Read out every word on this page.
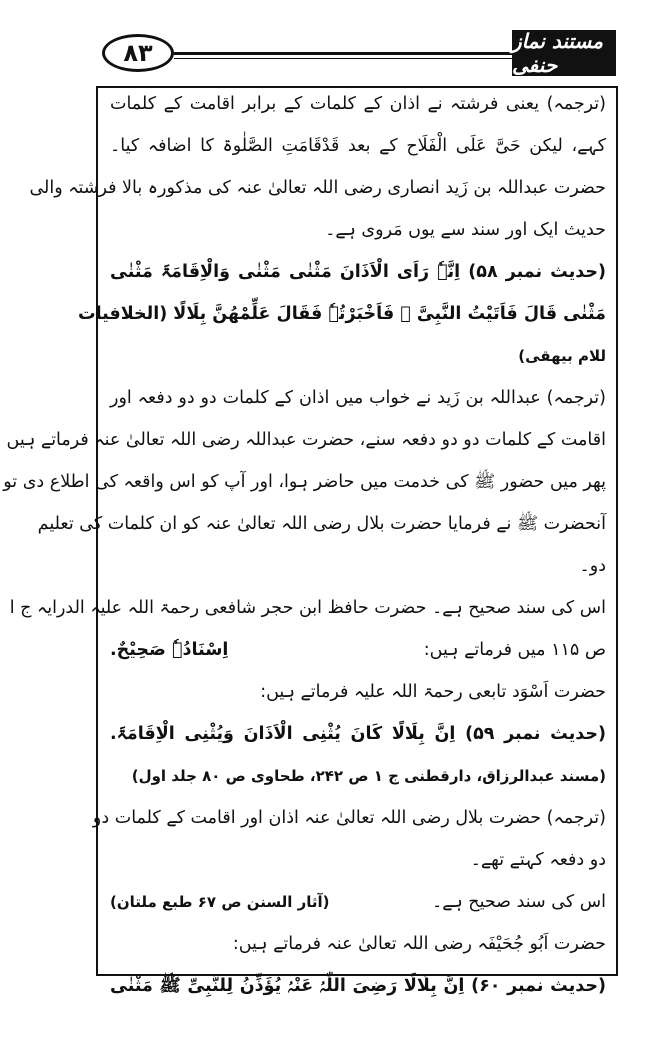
۸۳	مستند نماز حنفی

(ترجمہ) یعنی فرشتہ نے اذان کے کلمات کے برابر اقامت کے کلمات

کہے، لیکن حَیَّ عَلَى الْفَلَاح کے بعد قَدْقَامَتِ الصَّلٰوۃ کا اضافہ کیا۔

حضرت عبداللہ بن زَید انصاری رضی اللہ تعالیٰ عنہ کی مذکورہ بالا فرشتہ والی

حدیث ایک اور سند سے یوں مَروی ہے۔

(حدیث نمبر ۵۸) اِنَّہٗ رَاَی الْاَذَانَ مَثْنٰی مَثْنٰی وَالْاِقَامَۃَ مَثْنٰی

مَثْنٰی قَالَ فَاَتَیْتُ النَّبِیَّ ﷺ فَاَخْبَرْتُہٗ فَقَالَ عَلِّمْھُنَّ بِلَالًا (الخلافیات

للام بیھقی)

(ترجمہ) عبداللہ بن زَید نے خواب میں اذان کے کلمات دو دو دفعہ اور

اقامت کے کلمات دو دو دفعہ سنے، حضرت عبداللہ رضی اللہ تعالیٰ عنہ فرماتے ہیں

پھر میں حضور ﷺ کی خدمت میں حاضر ہوا، اور آپ کو اس واقعہ کی اطلاع دی تو

آنحضرت ﷺ نے فرمایا حضرت بلال رضی اللہ تعالیٰ عنہ کو ان کلمات کی تعلیم

دو۔

اس کی سند صحیح ہے۔ حضرت حافظ ابن حجر شافعی رحمۃ اللہ علیہ الدرایہ ج ا

ص ۱۱۵ میں فرماتے ہیں:
اِسْنَادُہٗ صَحِیْحٌ.

حضرت اَسْوَد تابعی رحمۃ اللہ علیہ فرماتے ہیں:

(حدیث نمبر ۵۹) اِنَّ بِلَالًا کَانَ یُثْنِی الْاَذَانَ وَیُثْنِی الْاِقَامَۃَ.

(مسند عبدالرزاق، دارقطنی ج ۱ ص ۲۴۲، طحاوی ص ۸۰ جلد اول)

(ترجمہ) حضرت بلال رضی اللہ تعالیٰ عنہ اذان اور اقامت کے کلمات دو

دو دفعہ کہتے تھے۔

اس کی سند صحیح ہے۔
(آثار السنن ص ۶۷ طبع ملتان)

حضرت اَبُو جُحَیْفَہ رضی اللہ تعالیٰ عنہ فرماتے ہیں:

(حدیث نمبر ۶۰) اِنَّ بِلَالًا رَضِیَ اللّٰہُ عَنْہُ یُؤَذِّنُ لِلنَّبِیِّ ﷺ مَثْنٰی
